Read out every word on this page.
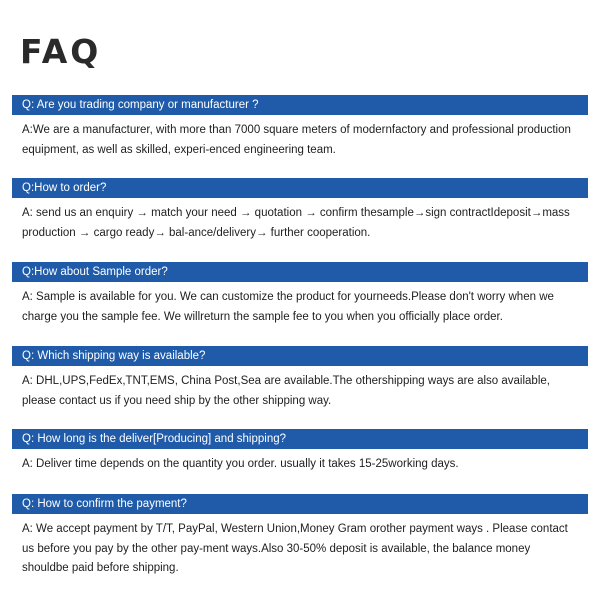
FAQ
Q: Are you trading company or manufacturer ?

A:We are a manufacturer, with more than 7000 square meters of modernfactory and professional production equipment, as well as skilled, experi-enced engineering team.

Q:How to order?

A: send us an enquiry → match your need → quotation → confirm thesample→sign contractIdeposit→mass production → cargo ready→ bal-ance/delivery→ further cooperation.

Q:How about Sample order?

A: Sample is available for you. We can customize the product for yourneeds.Please don't worry when we charge you the sample fee. We willreturn the sample fee to you when you officially place order.

Q: Which shipping way is available?

A: DHL,UPS,FedEx,TNT,EMS, China Post,Sea are available.The othershipping ways are also available, please contact us if you need ship by the other shipping way.

Q: How long is the deliver[Producing] and shipping?

A: Deliver time depends on the quantity you order. usually it takes 15-25working days.

Q: How to confirm the payment?

A: We accept payment by T/T, PayPal, Western Union,Money Gram orother payment ways . Please contact us before you pay by the other pay-ment ways.Also 30-50% deposit is available, the balance money shouldbe paid before shipping.
